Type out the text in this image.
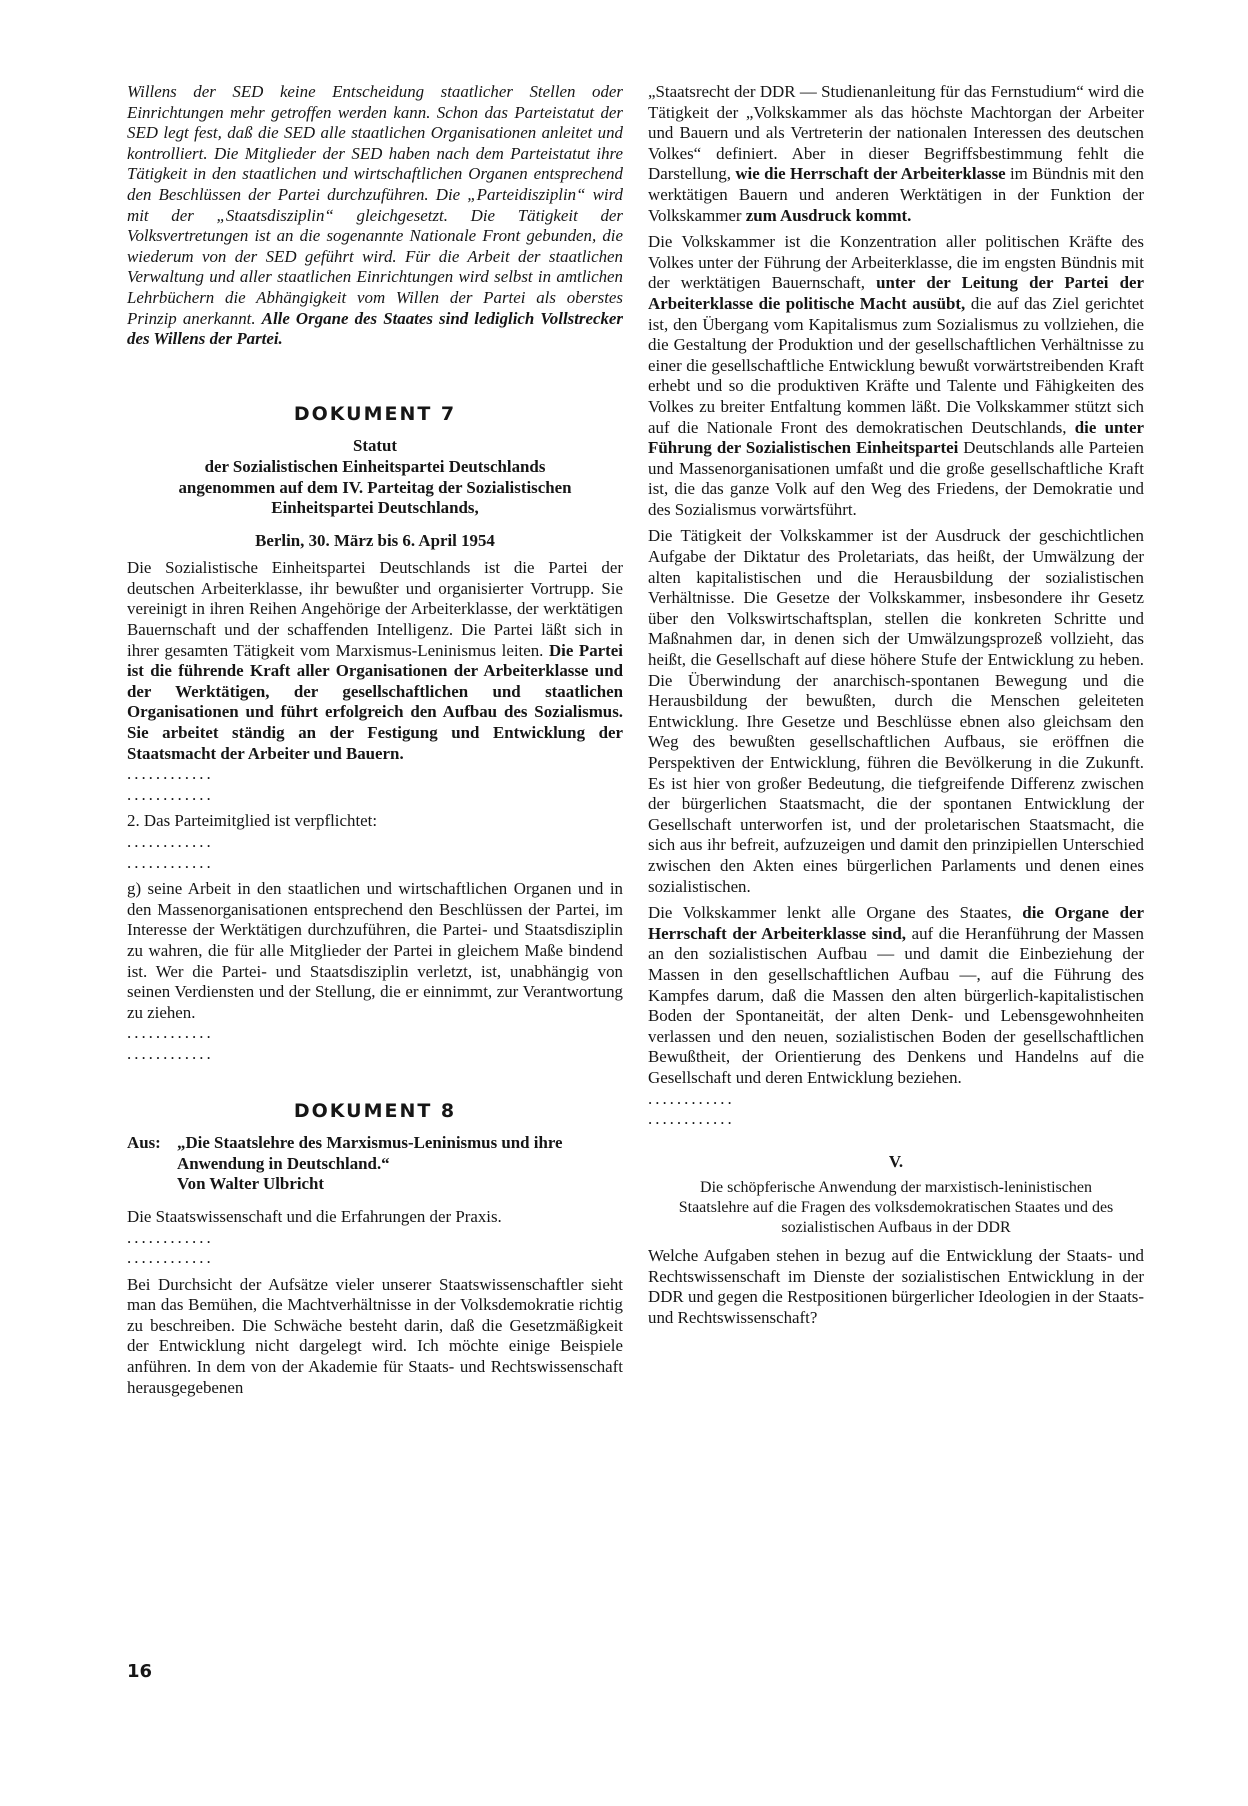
Willens der SED keine Entscheidung staatlicher Stellen oder Einrichtungen mehr getroffen werden kann. Schon das Parteistatut der SED legt fest, daß die SED alle staatlichen Organisationen anleitet und kontrolliert. Die Mitglieder der SED haben nach dem Parteistatut ihre Tätigkeit in den staatlichen und wirtschaftlichen Organen entsprechend den Beschlüssen der Partei durchzuführen. Die „Parteidisziplin“ wird mit der „Staatsdisziplin“ gleichgesetzt. Die Tätigkeit der Volksvertretungen ist an die sogenannte Nationale Front gebunden, die wiederum von der SED geführt wird. Für die Arbeit der staatlichen Verwaltung und aller staatlichen Einrichtungen wird selbst in amtlichen Lehrbüchern die Abhängigkeit vom Willen der Partei als oberstes Prinzip anerkannt. Alle Organe des Staates sind lediglich Vollstrecker des Willens der Partei.

DOKUMENT 7
Statut
der Sozialistischen Einheitspartei Deutschlands
angenommen auf dem IV. Parteitag der Sozialistischen
Einheitspartei Deutschlands,
Berlin, 30. März bis 6. April 1954

Die Sozialistische Einheitspartei Deutschlands ist die Partei der deutschen Arbeiterklasse, ihr bewußter und organisierter Vortrupp. Sie vereinigt in ihren Reihen Angehörige der Arbeiterklasse, der werktätigen Bauernschaft und der schaffenden Intelligenz. Die Partei läßt sich in ihrer gesamten Tätigkeit vom Marxismus-Leninismus leiten. Die Partei ist die führende Kraft aller Organisationen der Arbeiterklasse und der Werktätigen, der gesellschaftlichen und staatlichen Organisationen und führt erfolgreich den Aufbau des Sozialismus. Sie arbeitet ständig an der Festigung und Entwicklung der Staatsmacht der Arbeiter und Bauern.

............
............

2. Das Parteimitglied ist verpflichtet:

............
............

g) seine Arbeit in den staatlichen und wirtschaftlichen Organen und in den Massenorganisationen entsprechend den Beschlüssen der Partei, im Interesse der Werktätigen durchzuführen, die Partei- und Staatsdisziplin zu wahren, die für alle Mitglieder der Partei in gleichem Maße bindend ist. Wer die Partei- und Staatsdisziplin verletzt, ist, unabhängig von seinen Verdiensten und der Stellung, die er einnimmt, zur Verantwortung zu ziehen.

............
............
DOKUMENT 8
Aus: „Die Staatslehre des Marxismus-Leninismus und ihre Anwendung in Deutschland.“
Von Walter Ulbricht

Die Staatswissenschaft und die Erfahrungen der Praxis.

............
............

Bei Durchsicht der Aufsätze vieler unserer Staatswissenschaftler sieht man das Bemühen, die Machtverhältnisse in der Volksdemokratie richtig zu beschreiben. Die Schwäche besteht darin, daß die Gesetzmäßigkeit der Entwicklung nicht dargelegt wird. Ich möchte einige Beispiele anführen. In dem von der Akademie für Staats- und Rechtswissenschaft herausgegebenen

„Staatsrecht der DDR — Studienanleitung für das Fernstudium“ wird die Tätigkeit der „Volkskammer als das höchste Machtorgan der Arbeiter und Bauern und als Vertreterin der nationalen Interessen des deutschen Volkes“ definiert. Aber in dieser Begriffsbestimmung fehlt die Darstellung, wie die Herrschaft der Arbeiterklasse im Bündnis mit den werktätigen Bauern und anderen Werktätigen in der Funktion der Volkskammer zum Ausdruck kommt.

Die Volkskammer ist die Konzentration aller politischen Kräfte des Volkes unter der Führung der Arbeiterklasse, die im engsten Bündnis mit der werktätigen Bauernschaft, unter der Leitung der Partei der Arbeiterklasse die politische Macht ausübt, die auf das Ziel gerichtet ist, den Übergang vom Kapitalismus zum Sozialismus zu vollziehen, die die Gestaltung der Produktion und der gesellschaftlichen Verhältnisse zu einer die gesellschaftliche Entwicklung bewußt vorwärtstreibenden Kraft erhebt und so die produktiven Kräfte und Talente und Fähigkeiten des Volkes zu breiter Entfaltung kommen läßt. Die Volkskammer stützt sich auf die Nationale Front des demokratischen Deutschlands, die unter Führung der Sozialistischen Einheitspartei Deutschlands alle Parteien und Massenorganisationen umfaßt und die große gesellschaftliche Kraft ist, die das ganze Volk auf den Weg des Friedens, der Demokratie und des Sozialismus vorwärtsführt.

Die Tätigkeit der Volkskammer ist der Ausdruck der geschichtlichen Aufgabe der Diktatur des Proletariats, das heißt, der Umwälzung der alten kapitalistischen und die Herausbildung der sozialistischen Verhältnisse. Die Gesetze der Volkskammer, insbesondere ihr Gesetz über den Volkswirtschaftsplan, stellen die konkreten Schritte und Maßnahmen dar, in denen sich der Umwälzungsprozeß vollzieht, das heißt, die Gesellschaft auf diese höhere Stufe der Entwicklung zu heben. Die Überwindung der anarchisch-spontanen Bewegung und die Herausbildung der bewußten, durch die Menschen geleiteten Entwicklung. Ihre Gesetze und Beschlüsse ebnen also gleichsam den Weg des bewußten gesellschaftlichen Aufbaus, sie eröffnen die Perspektiven der Entwicklung, führen die Bevölkerung in die Zukunft. Es ist hier von großer Bedeutung, die tiefgreifende Differenz zwischen der bürgerlichen Staatsmacht, die der spontanen Entwicklung der Gesellschaft unterworfen ist, und der proletarischen Staatsmacht, die sich aus ihr befreit, aufzuzeigen und damit den prinzipiellen Unterschied zwischen den Akten eines bürgerlichen Parlaments und denen eines sozialistischen.

Die Volkskammer lenkt alle Organe des Staates, die Organe der Herrschaft der Arbeiterklasse sind, auf die Heranführung der Massen an den sozialistischen Aufbau — und damit die Einbeziehung der Massen in den gesellschaftlichen Aufbau —, auf die Führung des Kampfes darum, daß die Massen den alten bürgerlich-kapitalistischen Boden der Spontaneität, der alten Denk- und Lebensgewohnheiten verlassen und den neuen, sozialistischen Boden der gesellschaftlichen Bewußtheit, der Orientierung des Denkens und Handelns auf die Gesellschaft und deren Entwicklung beziehen.

............
............
V.
Die schöpferische Anwendung der marxistisch-leninistischen Staatslehre auf die Fragen des volksdemokratischen Staates und des sozialistischen Aufbaus in der DDR

Welche Aufgaben stehen in bezug auf die Entwicklung der Staats- und Rechtswissenschaft im Dienste der sozialistischen Entwicklung in der DDR und gegen die Restpositionen bürgerlicher Ideologien in der Staats- und Rechtswissenschaft?

16
